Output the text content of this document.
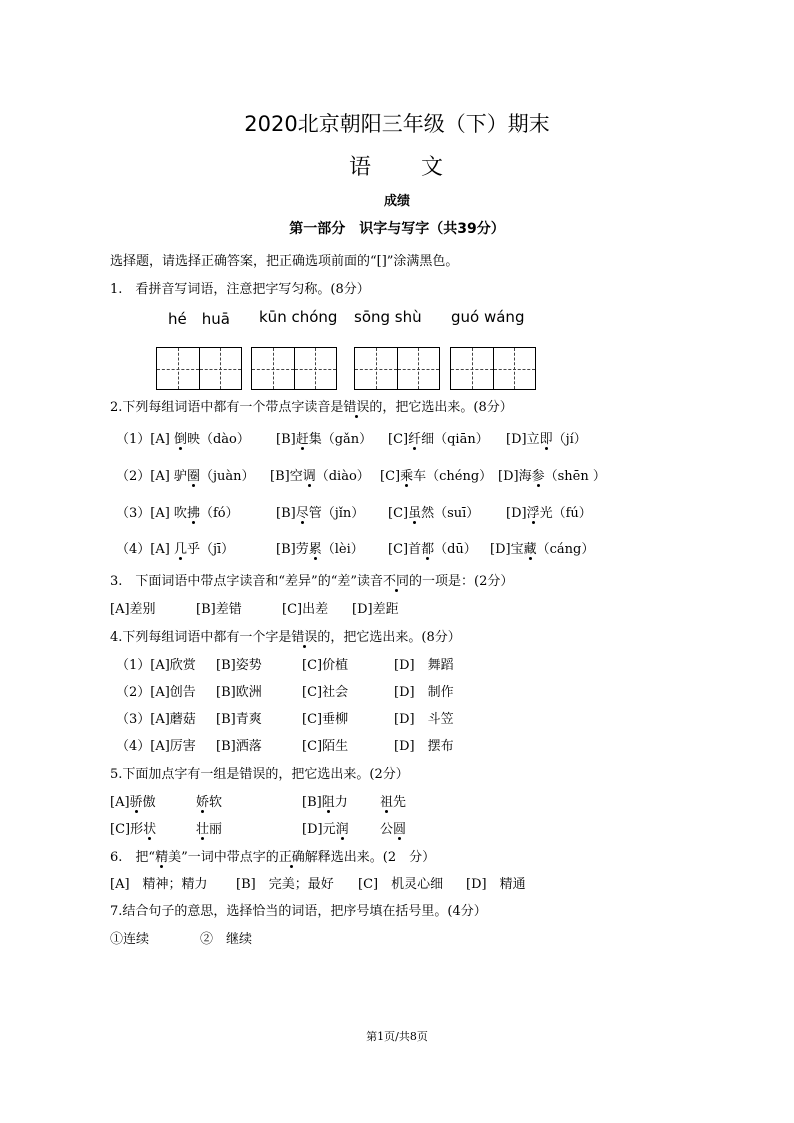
2020北京朝阳三年级（下）期末
语　　文
成绩
第一部分　识字与写字（共39分）
选择题，请选择正确答案，把正确选项前面的“[]”涂满黑色。
1.　看拼音写词语，注意把字写匀称。(8分）
hé　huā kūn chóng sōng shù guó wáng
2.下列每组词语中都有一个带点字读音是错误的，把它选出来。(8分）
（1）[A] 倒映（dào） [B]赶集（gǎn） [C]纤细（qiān） [D]立即（jí）
（2）[A] 驴圈（juàn） [B]空调（diào） [C]乘车（chéng） [D]海参（shēn ）
（3）[A] 吹拂（fó）	[B]尽管（jǐn） [C]虽然（suī） [D]浮光（fú）
（4）[A] 几乎（jī）	[B]劳累（lèi） [C]首都（dū） [D]宝藏（cáng）
3.　下面词语中带点字读音和“差异”的“差”读音不同的一项是：(2分）
[A]差别	[B]差错	[C]出差 [D]差距
4.下列每组词语中都有一个字是错误的，把它选出来。(8分）
（1）[A]欣赏 [B]姿势	[C]价植	[D]　舞蹈
（2）[A]创告 [B]欧洲	[C]社会	[D]　制作
（3）[A]蘑菇 [B]青爽	[C]垂柳	[D]　斗笠
（4）[A]厉害 [B]洒落	[C]陌生	[D]　摆布
5.下面加点字有一组是错误的，把它选出来。(2分）
[A]骄傲	娇软	[B]阻力 祖先
[C]形状	壮丽	[D]元润 公圆
6.　把“精美”一词中带点字的正确解释选出来。(2　分）
[A]　精神；精力 [B]　完美；最好 [C]　机灵心细 [D]　精通
7.结合句子的意思，选择恰当的词语，把序号填在括号里。(4分）
①连续	②　继续
第1页/共8页
